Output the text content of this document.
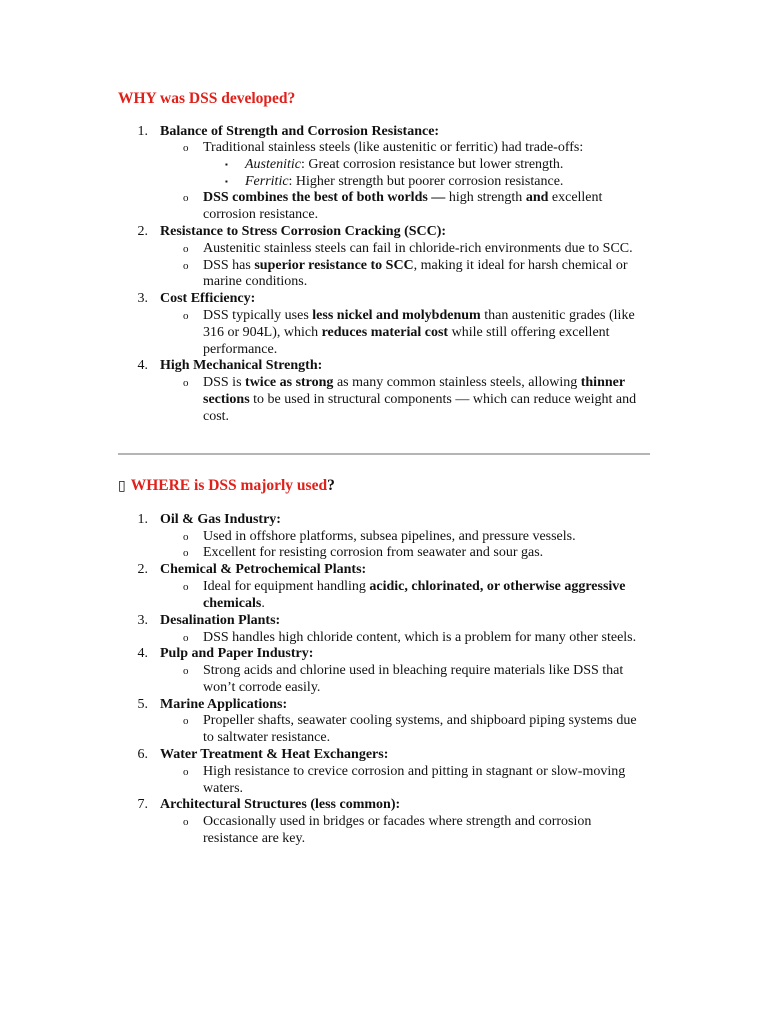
WHY was DSS developed?
1. Balance of Strength and Corrosion Resistance:
o Traditional stainless steels (like austenitic or ferritic) had trade-offs:
▪ Austenitic: Great corrosion resistance but lower strength.
▪ Ferritic: Higher strength but poorer corrosion resistance.
o DSS combines the best of both worlds — high strength and excellent
corrosion resistance.
2. Resistance to Stress Corrosion Cracking (SCC):
o Austenitic stainless steels can fail in chloride-rich environments due to SCC.
o DSS has superior resistance to SCC, making it ideal for harsh chemical or
marine conditions.
3. Cost Efficiency:
o DSS typically uses less nickel and molybdenum than austenitic grades (like
316 or 904L), which reduces material cost while still offering excellent
performance.
4. High Mechanical Strength:
o DSS is twice as strong as many common stainless steels, allowing thinner
sections to be used in structural components — which can reduce weight and
cost.
▯ WHERE is DSS majorly used?
1. Oil & Gas Industry:
o Used in offshore platforms, subsea pipelines, and pressure vessels.
o Excellent for resisting corrosion from seawater and sour gas.
2. Chemical & Petrochemical Plants:
o Ideal for equipment handling acidic, chlorinated, or otherwise aggressive
chemicals.
3. Desalination Plants:
o DSS handles high chloride content, which is a problem for many other steels.
4. Pulp and Paper Industry:
o Strong acids and chlorine used in bleaching require materials like DSS that
won’t corrode easily.
5. Marine Applications:
o Propeller shafts, seawater cooling systems, and shipboard piping systems due
to saltwater resistance.
6. Water Treatment & Heat Exchangers:
o High resistance to crevice corrosion and pitting in stagnant or slow-moving
waters.
7. Architectural Structures (less common):
o Occasionally used in bridges or facades where strength and corrosion
resistance are key.
